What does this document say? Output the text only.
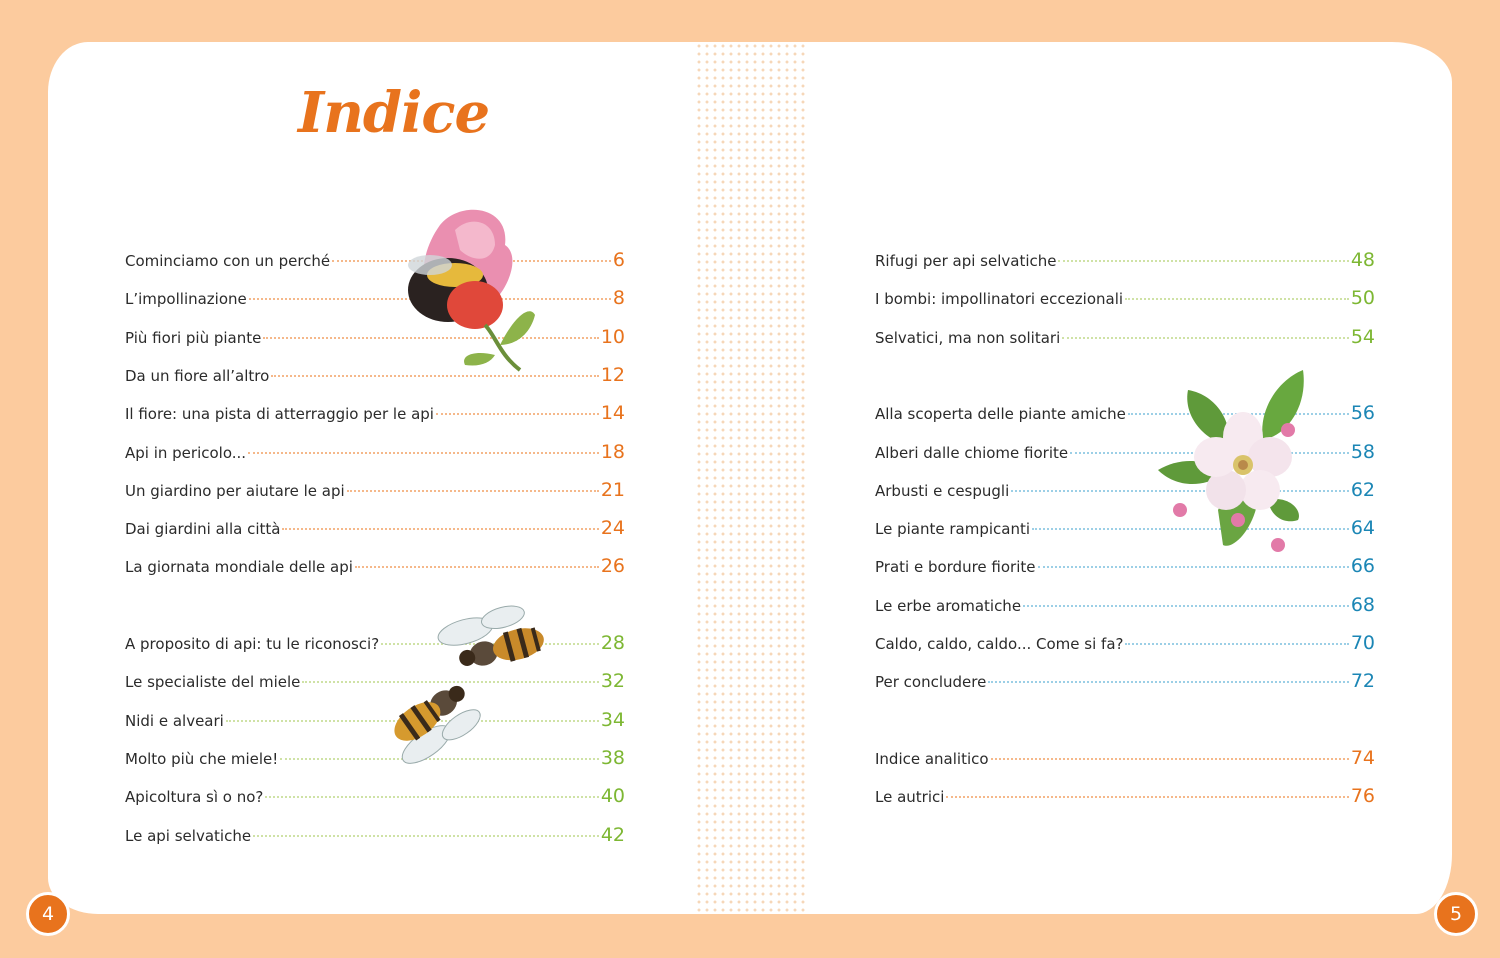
Indice
Cominciamo con un perché	6
L’impollinazione	8
Più fiori più piante	10
Da un fiore all’altro	12
Il fiore: una pista di atterraggio per le api	14
Api in pericolo...	18
Un giardino per aiutare le api	21
Dai giardini alla città	24
La giornata mondiale delle api	26
A proposito di api: tu le riconosci?	28
Le specialiste del miele	32
Nidi e alveari	34
Molto più che miele!	38
Apicoltura sì o no?	40
Le api selvatiche	42
Rifugi per api selvatiche	48
I bombi: impollinatori eccezionali	50
Selvatici, ma non solitari	54
Alla scoperta delle piante amiche	56
Alberi dalle chiome fiorite	58
Arbusti e cespugli	62
Le piante rampicanti	64
Prati e bordure fiorite	66
Le erbe aromatiche	68
Caldo, caldo, caldo... Come si fa?	70
Per concludere	72
Indice analitico	74
Le autrici	76
4	5
